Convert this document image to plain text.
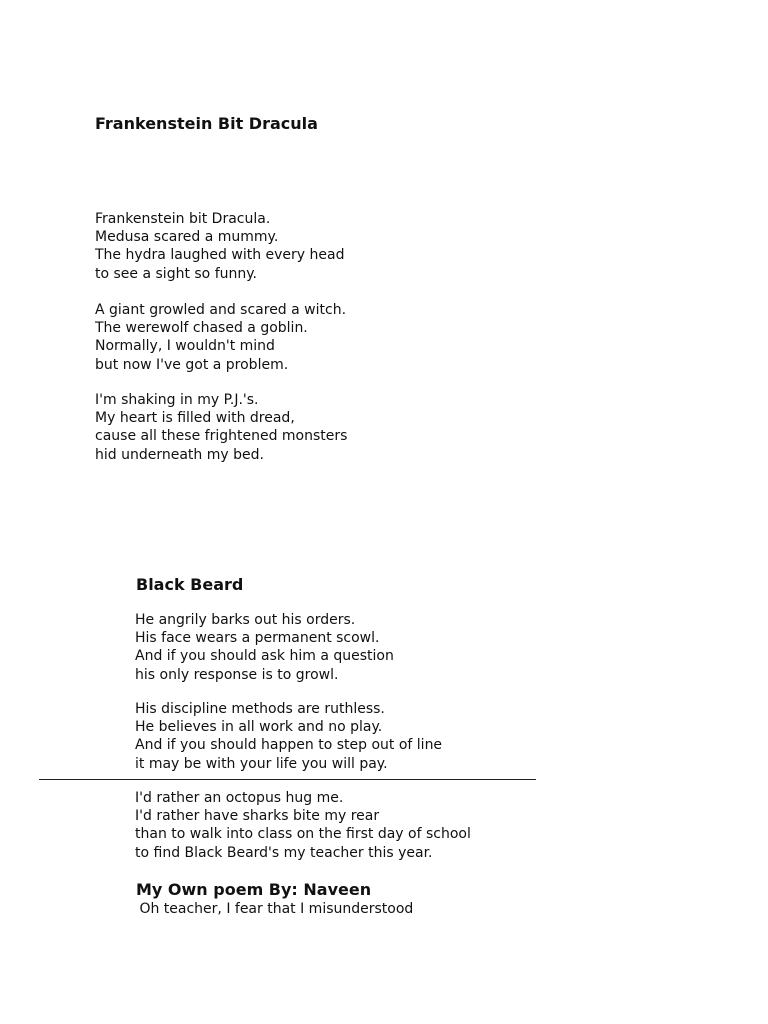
Frankenstein Bit Dracula
Frankenstein bit Dracula.
Medusa scared a mummy.
The hydra laughed with every head
to see a sight so funny.
A giant growled and scared a witch.
The werewolf chased a goblin.
Normally, I wouldn't mind
but now I've got a problem.
I'm shaking in my P.J.'s.
My heart is filled with dread,
cause all these frightened monsters
hid underneath my bed.
Black Beard
He angrily barks out his orders.
His face wears a permanent scowl.
And if you should ask him a question
his only response is to growl.
His discipline methods are ruthless.
He believes in all work and no play.
And if you should happen to step out of line
it may be with your life you will pay.
I'd rather an octopus hug me.
I'd rather have sharks bite my rear
than to walk into class on the first day of school
to find Black Beard's my teacher this year.
My Own poem By: Naveen
Oh teacher, I fear that I misunderstood
